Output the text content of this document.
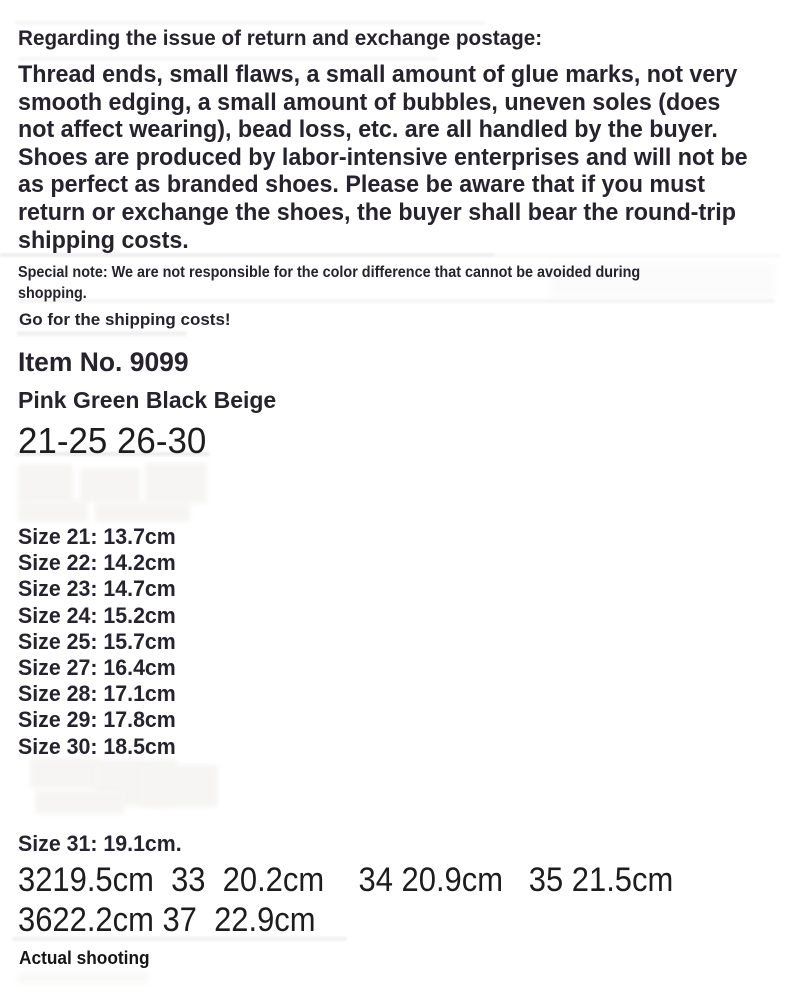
Regarding the issue of return and exchange postage:
Thread ends, small flaws, a small amount of glue marks, not very
smooth edging, a small amount of bubbles, uneven soles (does
not affect wearing), bead loss, etc. are all handled by the buyer.
Shoes are produced by labor-intensive enterprises and will not be
as perfect as branded shoes. Please be aware that if you must
return or exchange the shoes, the buyer shall bear the round-trip
shipping costs.
Special note: We are not responsible for the color difference that cannot be avoided during
shopping.
Go for the shipping costs!
Item No. 9099
Pink Green Black Beige
21-25 26-30
Size 21: 13.7cm
Size 22: 14.2cm
Size 23: 14.7cm
Size 24: 15.2cm
Size 25: 15.7cm
Size 27: 16.4cm
Size 28: 17.1cm
Size 29: 17.8cm
Size 30: 18.5cm
Size 31: 19.1cm.
3219.5cm  33  20.2cm    34 20.9cm   35 21.5cm
3622.2cm 37  22.9cm
Actual shooting
